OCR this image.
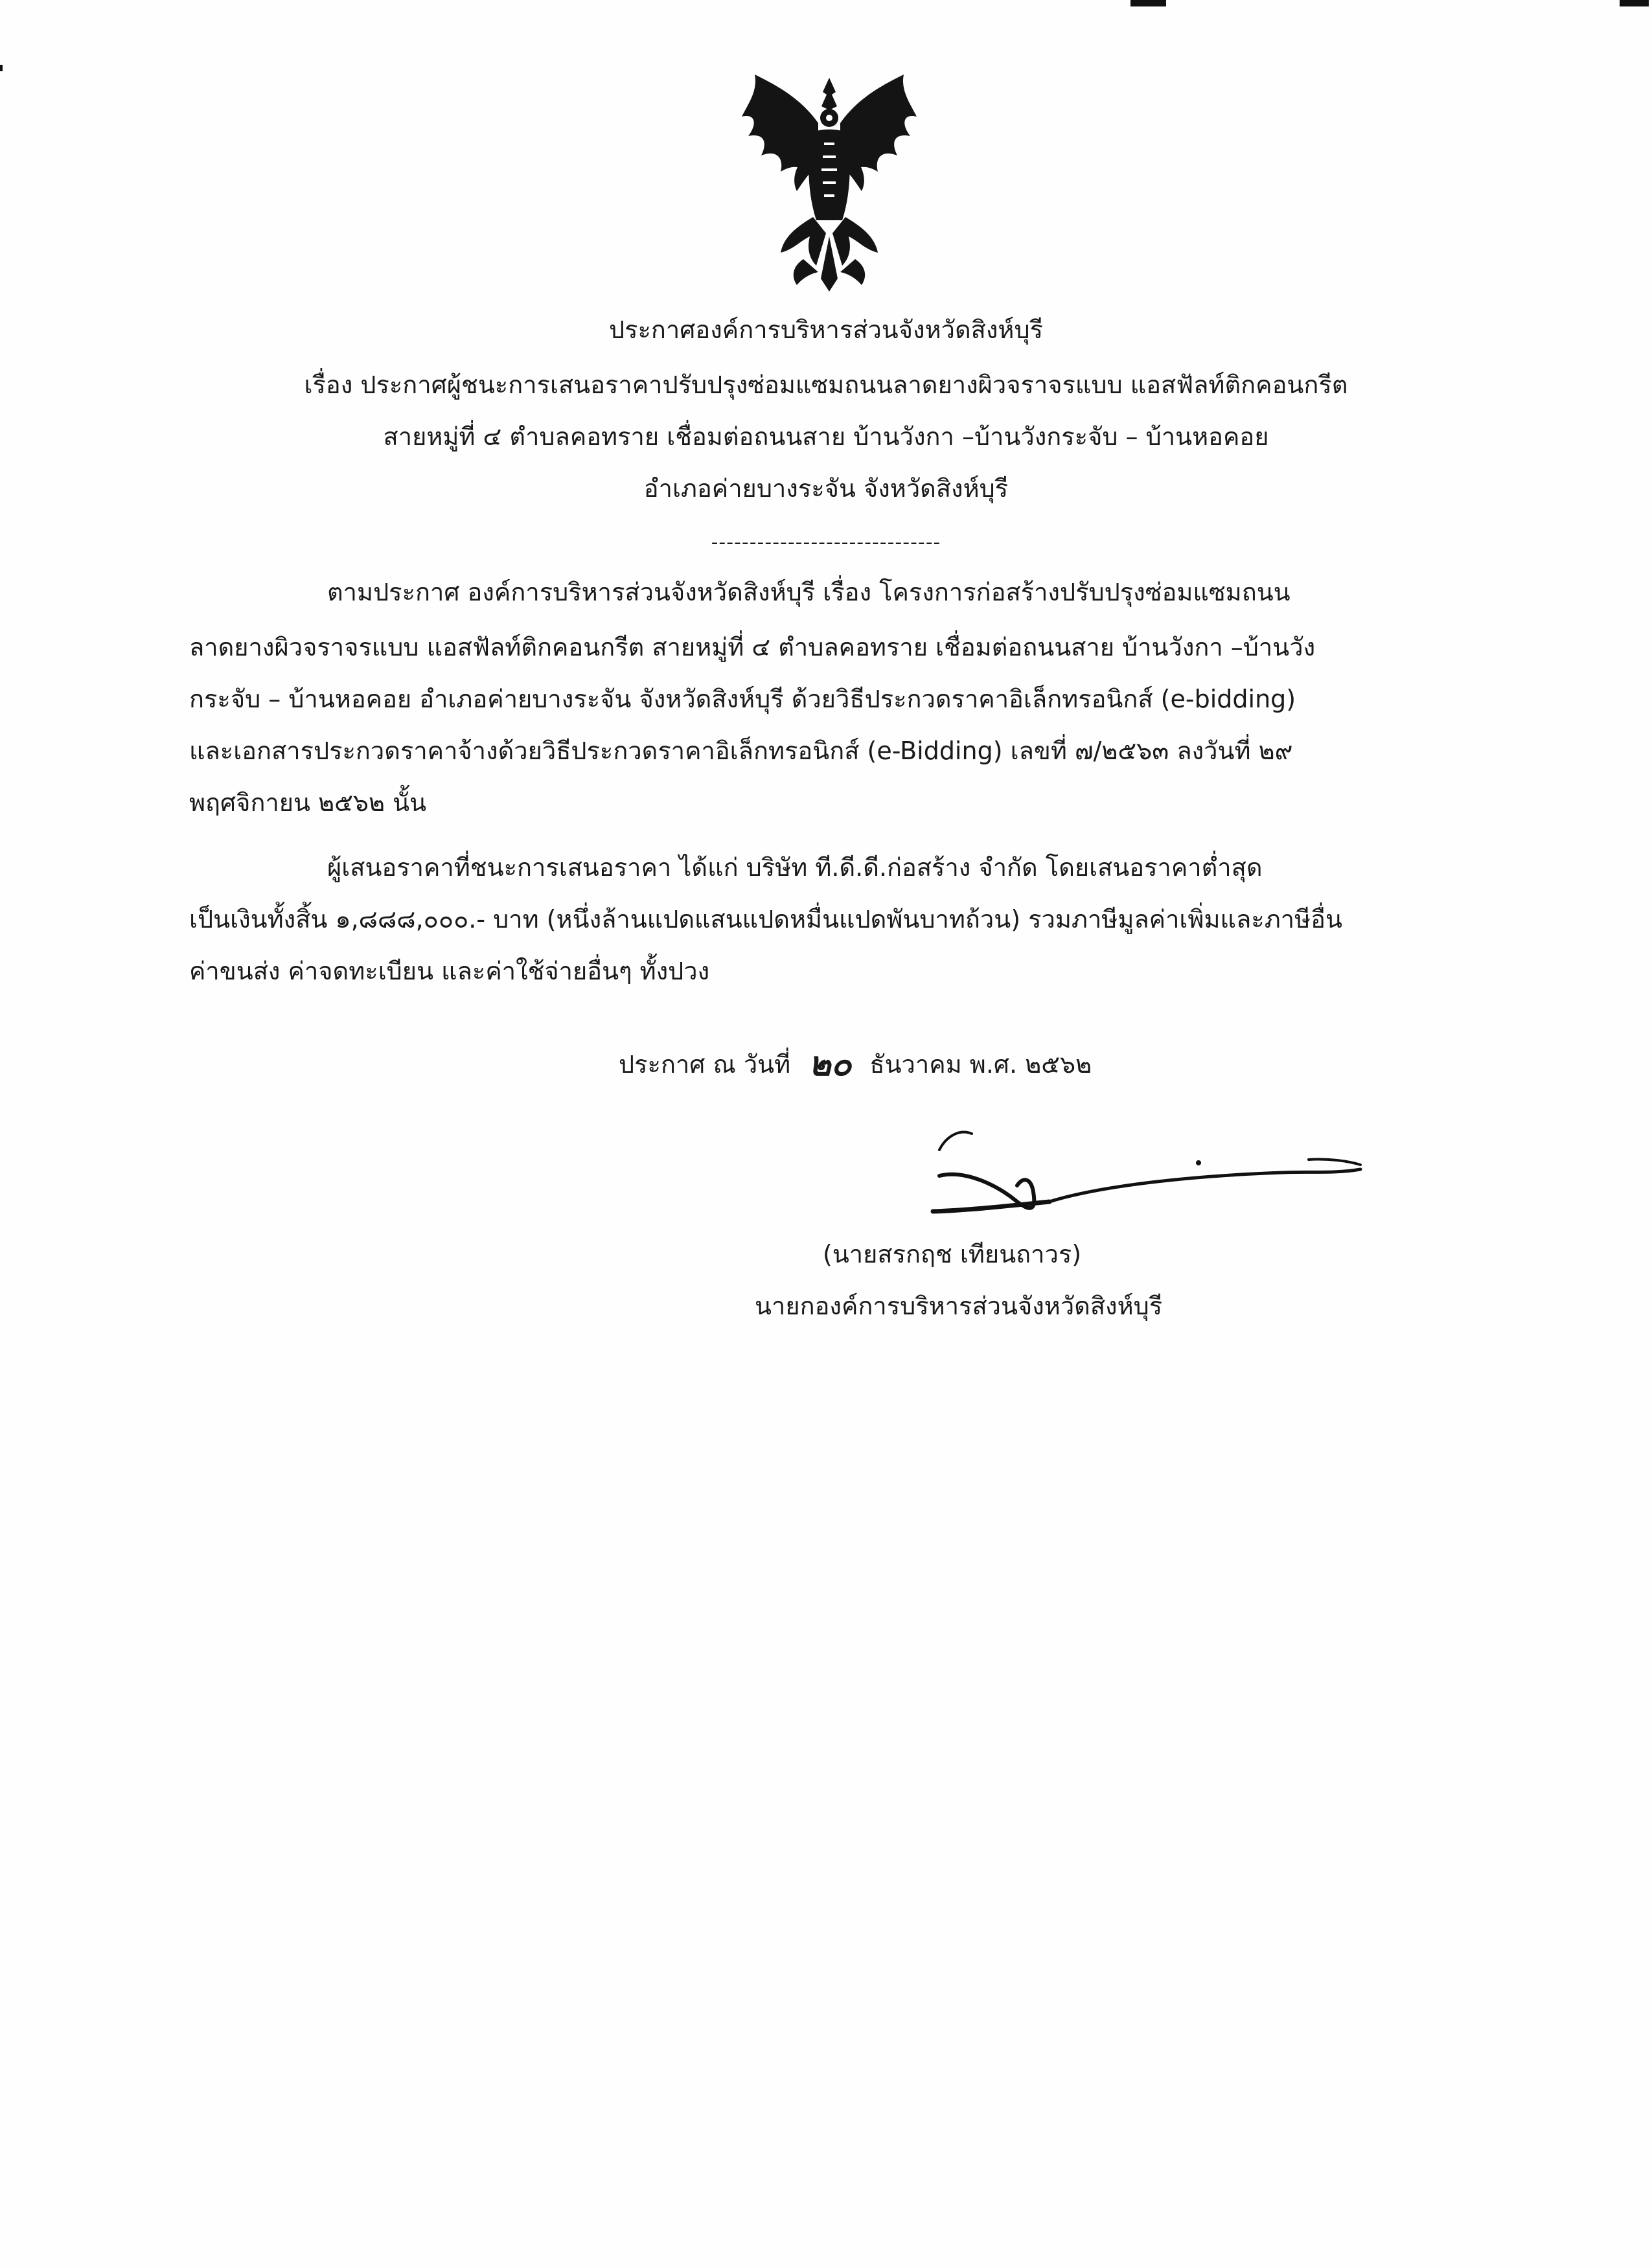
ประกาศองค์การบริหารส่วนจังหวัดสิงห์บุรี
เรื่อง ประกาศผู้ชนะการเสนอราคาปรับปรุงซ่อมแซมถนนลาดยางผิวจราจรแบบ แอสฟัลท์ติกคอนกรีต
สายหมู่ที่ ๔ ตำบลคอทราย เชื่อมต่อถนนสาย บ้านวังกา –บ้านวังกระจับ – บ้านหอคอย
อำเภอค่ายบางระจัน จังหวัดสิงห์บุรี
------------------------------
ตามประกาศ องค์การบริหารส่วนจังหวัดสิงห์บุรี เรื่อง โครงการก่อสร้างปรับปรุงซ่อมแซมถนน
ลาดยางผิวจราจรแบบ แอสฟัลท์ติกคอนกรีต สายหมู่ที่ ๔ ตำบลคอทราย เชื่อมต่อถนนสาย บ้านวังกา –บ้านวัง
กระจับ – บ้านหอคอย อำเภอค่ายบางระจัน จังหวัดสิงห์บุรี ด้วยวิธีประกวดราคาอิเล็กทรอนิกส์ (e-bidding)
และเอกสารประกวดราคาจ้างด้วยวิธีประกวดราคาอิเล็กทรอนิกส์ (e-Bidding) เลขที่ ๗/๒๕๖๓ ลงวันที่ ๒๙
พฤศจิกายน ๒๕๖๒ นั้น
ผู้เสนอราคาที่ชนะการเสนอราคา ได้แก่ บริษัท ที.ดี.ดี.ก่อสร้าง จำกัด โดยเสนอราคาต่ำสุด
เป็นเงินทั้งสิ้น ๑,๘๘๘,๐๐๐.- บาท (หนึ่งล้านแปดแสนแปดหมื่นแปดพันบาทถ้วน) รวมภาษีมูลค่าเพิ่มและภาษีอื่น
ค่าขนส่ง ค่าจดทะเบียน และค่าใช้จ่ายอื่นๆ ทั้งปวง
ประกาศ ณ วันที่ ๒๐ ธันวาคม พ.ศ. ๒๕๖๒
(นายสรกฤช เทียนถาวร)
นายกองค์การบริหารส่วนจังหวัดสิงห์บุรี
